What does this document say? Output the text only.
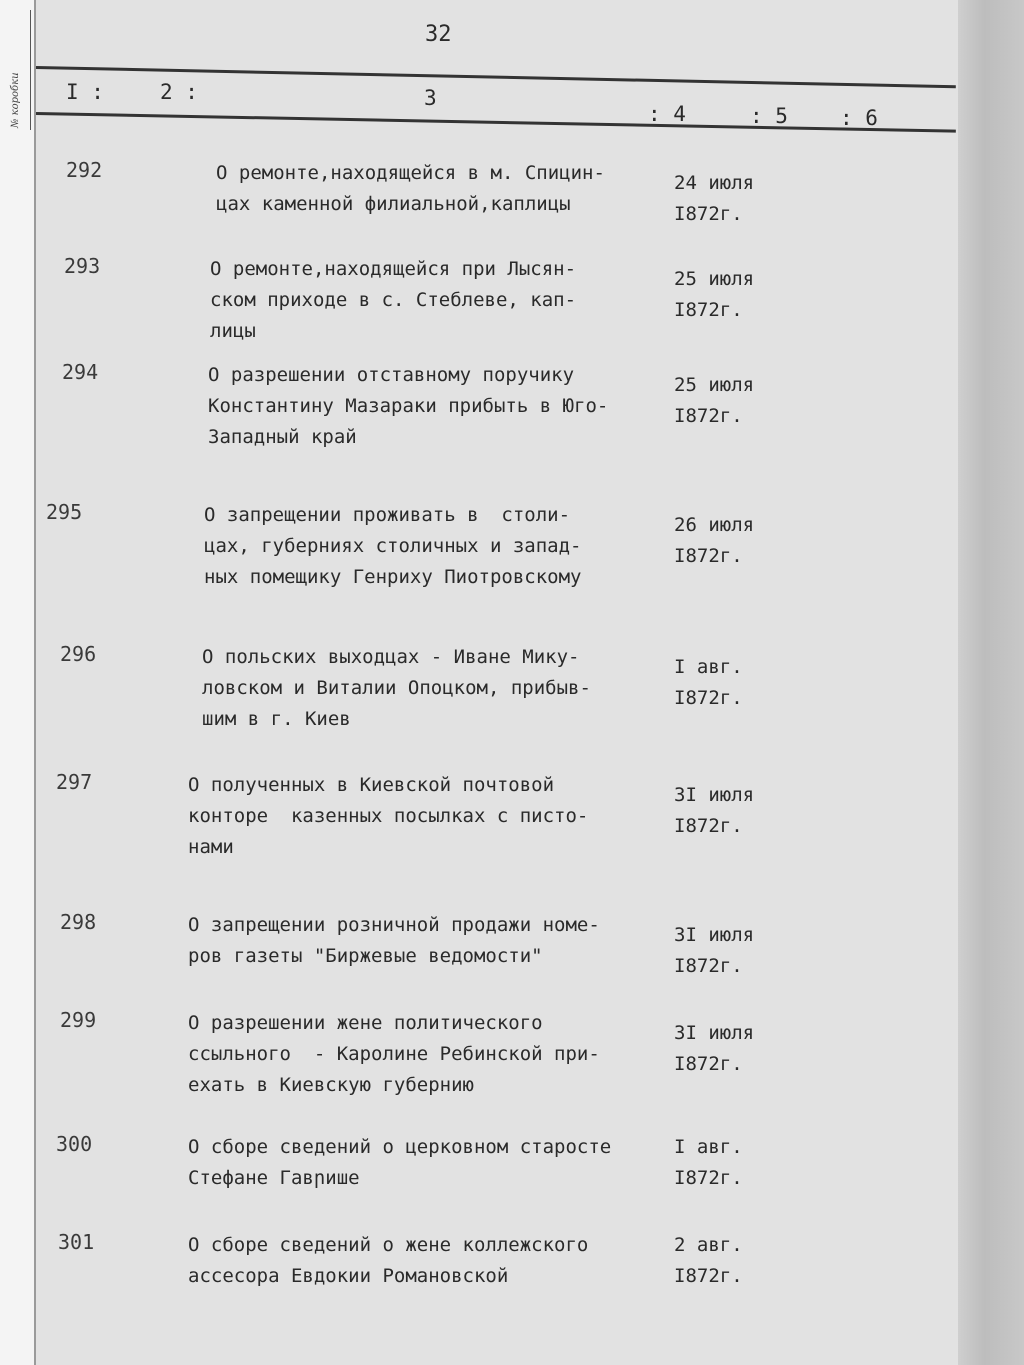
№ коробки
32
I :	2 :	3
: 4	: 5 : 6
292	О ремонте,находящейся в м. Спицин-
цах каменной филиальной,каплицы
24 июля
I872г.
293	О ремонте,находящейся при Лысян-
ском приходе в с. Стеблеве, кап-
лицы
25 июля
I872г.
294	О разрешении отставному поручику
Константину Мазараки прибыть в Юго-
Западный край
25 июля
I872г.
295	О запрещении проживать в  столи-
цах, губерниях столичных и запад-
ных помещику Генриху Пиотровскому
26 июля
I872г.
296	О польских выходцах - Иване Мику-
ловском и Виталии Опоцком, прибыв-
шим в г. Киев
I авг.
I872г.
297	О полученных в Киевской почтовой
конторе  казенных посылках с писто-
нами
3I июля
I872г.
298	О запрещении розничной продажи номе-
ров газеты "Биржевые ведомости"
3I июля
I872г.
299	О разрешении жене политического
ссыльного  - Каролине Ребинской при-
ехать в Киевскую губернию
3I июля
I872г.
300	О сборе сведений о церковном старосте
Стефане Гавրише
I авг.
I872г.
301	О сборе сведений о жене коллежского
ассесора Евдокии Романовской
2 авг.
I872г.
